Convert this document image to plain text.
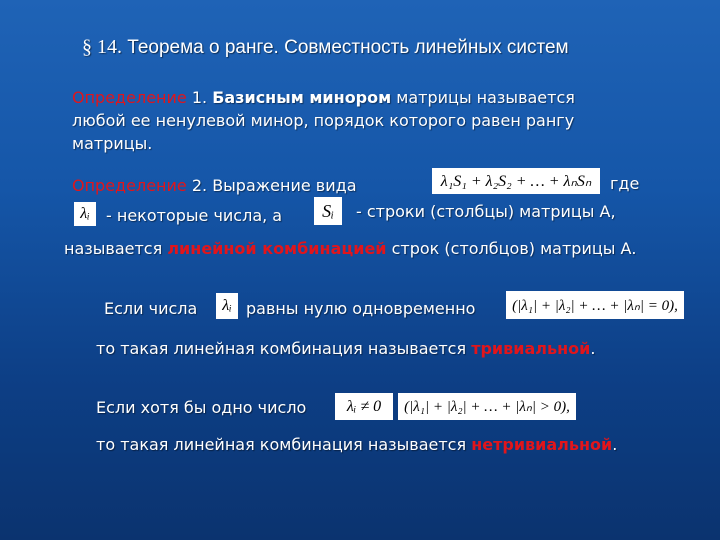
§ 14. Теорема о ранге. Совместность линейных систем
Определение 1. Базисным минором матрицы называется
любой ее ненулевой минор, порядок которого равен рангу
матрицы.
Определение 2. Выражение вида	λ₁S₁ + λ₂S₂ + … + λₙSₙ	где
λᵢ	- некоторые числа, а	Sᵢ	- строки (столбцы) матрицы A,
называется линейной комбинацией строк (столбцов) матрицы А.
Если числа	λᵢ равны нулю одновременно	(|λ₁| + |λ₂| + … + |λₙ| = 0),
то такая линейная комбинация называется тривиальной.
Если хотя бы одно число	λᵢ ≠ 0	(|λ₁| + |λ₂| + … + |λₙ| > 0),
то такая линейная комбинация называется нетривиальной.
